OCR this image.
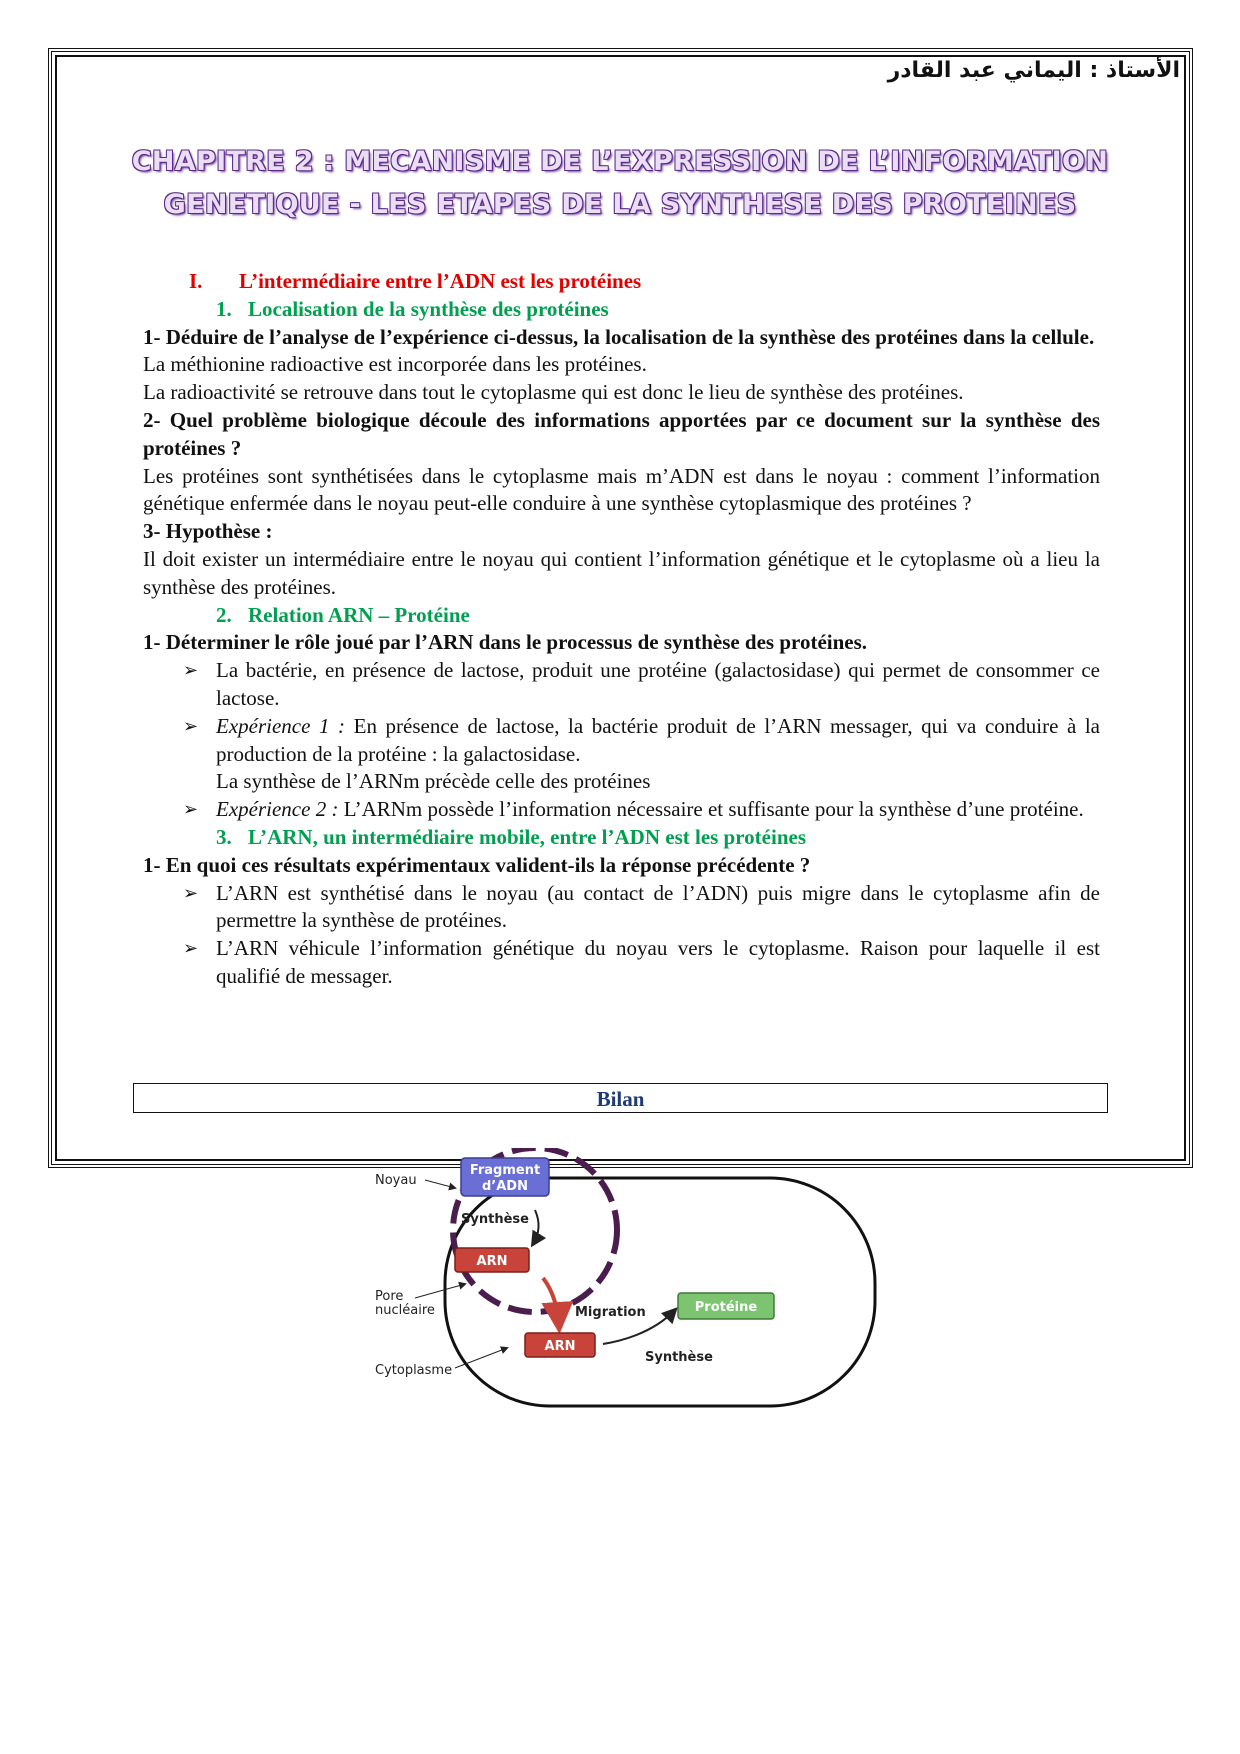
الأستاذ : اليماني عبد القادر
CHAPITRE 2 : MECANISME DE L’EXPRESSION DE L’INFORMATION
GENETIQUE - LES ETAPES DE LA SYNTHESE DES PROTEINES

I. L’intermédiaire entre l’ADN est les protéines

1. Localisation de la synthèse des protéines

1- Déduire de l’analyse de l’expérience ci-dessus, la localisation de la synthèse des protéines dans la cellule.

La méthionine radioactive est incorporée dans les protéines.

La radioactivité se retrouve dans tout le cytoplasme qui est donc le lieu de synthèse des protéines.

2- Quel problème biologique découle des informations apportées par ce document sur la synthèse des protéines ?

Les protéines sont synthétisées dans le cytoplasme mais m’ADN est dans le noyau : comment l’information génétique enfermée dans le noyau peut-elle conduire à une synthèse cytoplasmique des protéines ?

3- Hypothèse :

Il doit exister un intermédiaire entre le noyau qui contient l’information génétique et le cytoplasme où a lieu la synthèse des protéines.

2. Relation ARN – Protéine

1- Déterminer le rôle joué par l’ARN dans le processus de synthèse des protéines.

➢ La bactérie, en présence de lactose, produit une protéine (galactosidase) qui permet de consommer ce lactose.

➢ Expérience 1 : En présence de lactose, la bactérie produit de l’ARN messager, qui va conduire à la production de la protéine : la galactosidase.

La synthèse de l’ARNm précède celle des protéines

➢ Expérience 2 : L’ARNm possède l’information nécessaire et suffisante pour la synthèse d’une protéine.

3. L’ARN, un intermédiaire mobile, entre l’ADN est les protéines

1- En quoi ces résultats expérimentaux valident-ils la réponse précédente ?

➢ L’ARN est synthétisé dans le noyau (au contact de l’ADN) puis migre dans le cytoplasme afin de permettre la synthèse de protéines.

➢ L’ARN véhicule l’information génétique du noyau vers le cytoplasme. Raison pour laquelle il est qualifié de messager.

Bilan
Fragment
d’ADN
Synthèse
ARN
Migration
ARN
Synthèse
Protéine
Noyau
Pore
nucléaire
Cytoplasme
